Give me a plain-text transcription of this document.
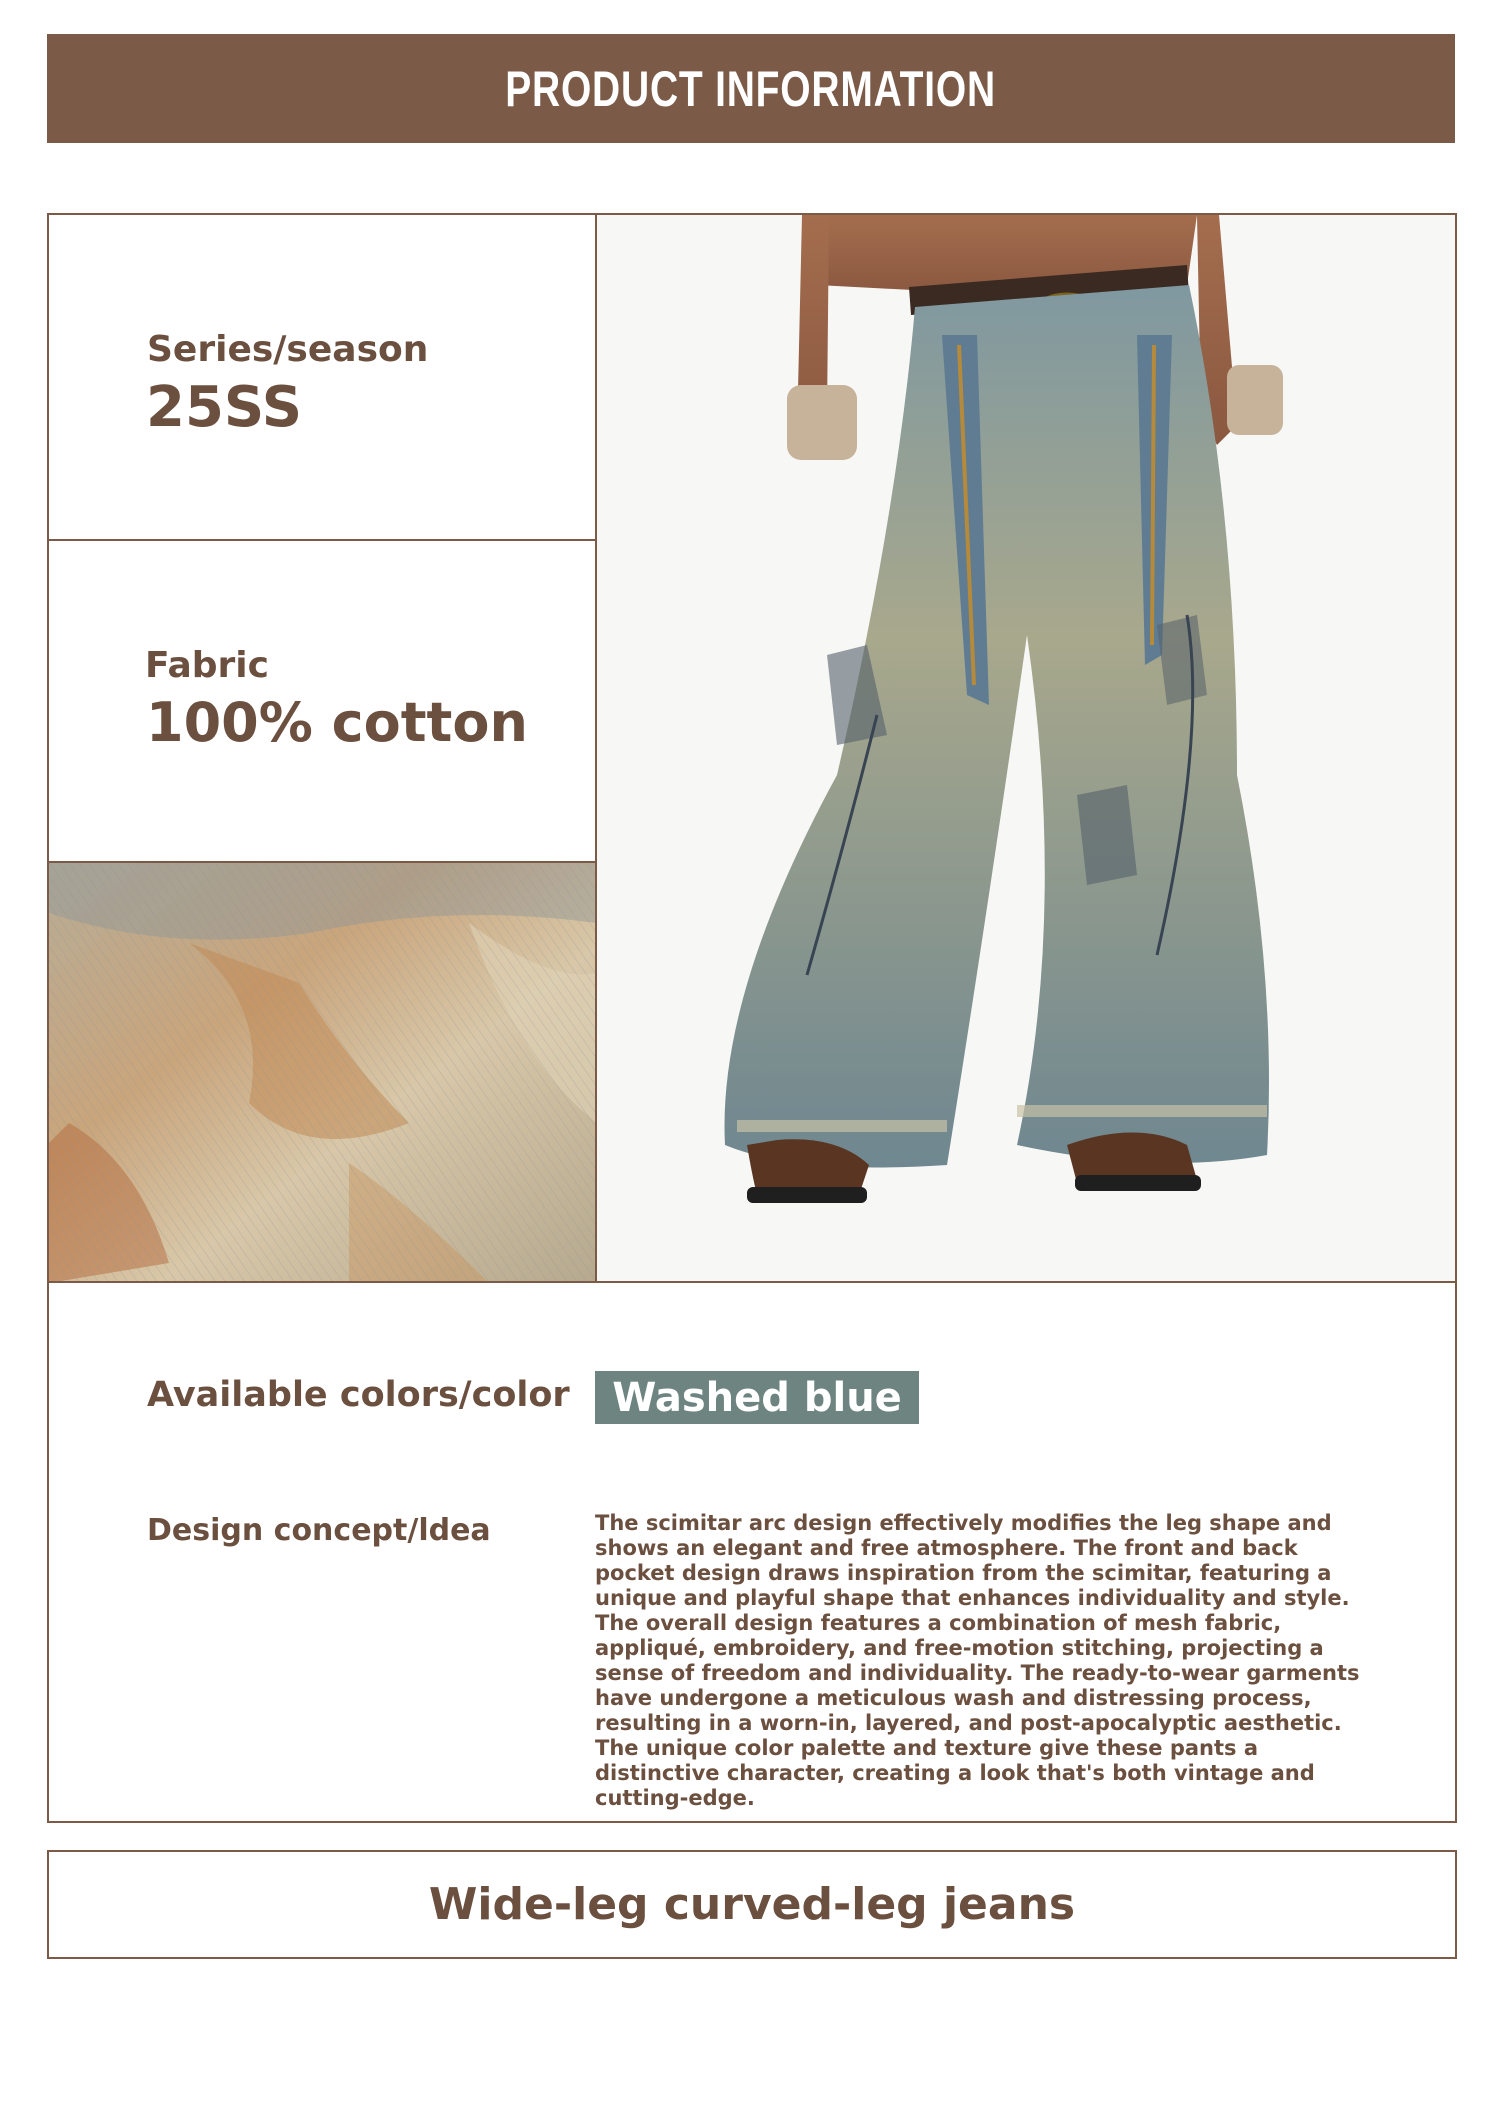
PRODUCT INFORMATION
Series/season
25SS
Fabric
100% cotton
Available colors/color	Washed blue
Design concept/ldea	The scimitar arc design effectively modifies the leg shape and shows an elegant and free atmosphere. The front and back pocket design draws inspiration from the scimitar, featuring a unique and playful shape that enhances individuality and style. The overall design features a combination of mesh fabric, appliqué, embroidery, and free-motion stitching, projecting a sense of freedom and individuality. The ready-to-wear garments have undergone a meticulous wash and distressing process, resulting in a worn-in, layered, and post-apocalyptic aesthetic. The unique color palette and texture give these pants a distinctive character, creating a look that's both vintage and cutting-edge.
Wide-leg curved-leg jeans
